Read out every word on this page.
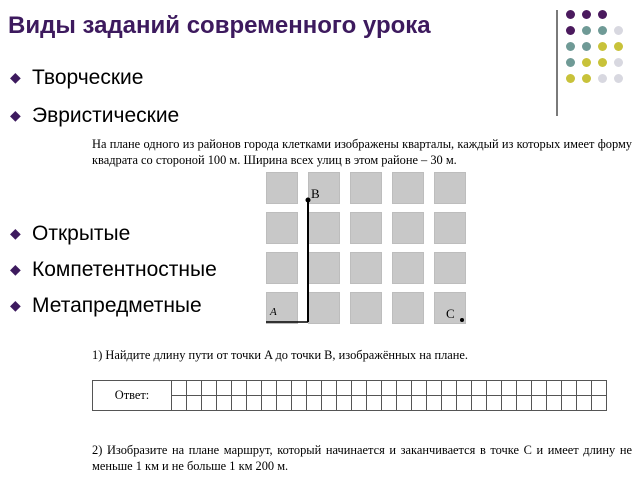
Виды заданий современного урока
◆ Творческие
◆ Эвристические
◆ Открытые
◆ Компетентностные
◆ Метапредметные
На плане одного из районов города клетками изображены кварталы, каждый из которых имеет форму квадрата со стороной 100 м. Ширина всех улиц в этом районе – 30 м.
B
A	C
1) Найдите длину пути от точки A до точки B, изображённых на плане.
Ответ:																													

2) Изобразите на плане маршрут, который начинается и заканчивается в точке C и имеет длину не меньше 1 км и не больше 1 км 200 м.
